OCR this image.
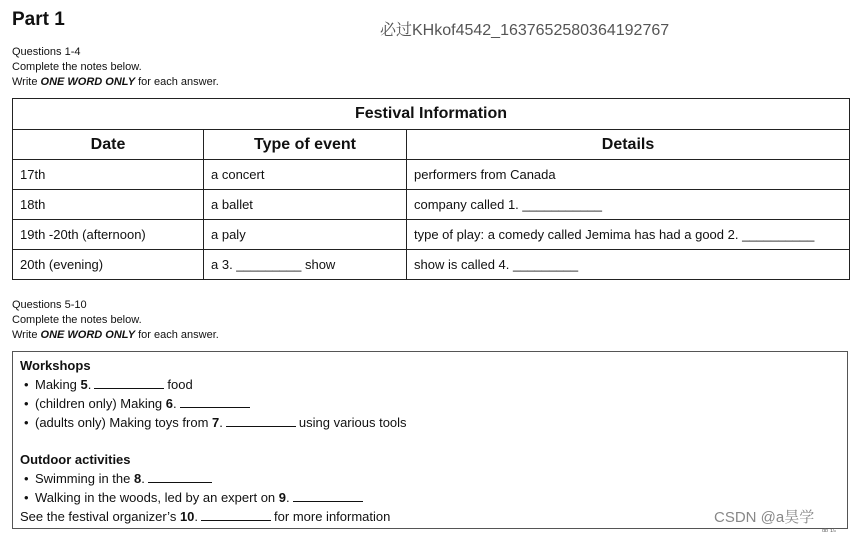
Part 1
必过KHkof4542_1637652580364192767
Questions 1-4
Complete the notes below.
Write ONE WORD ONLY for each answer.
Festival Information		
Date	Type of event	Details
17th	a concert	performers from Canada
18th	a ballet	company called 1. ___________
19th -20th (afternoon)	a paly	type of play: a comedy called Jemima has had a good 2. __________
20th (evening)	a 3. _________ show	show is called 4. _________
Questions 5-10
Complete the notes below.
Write ONE WORD ONLY for each answer.
Workshops
• Making 5.	food
• (children only) Making 6.
• (adults only) Making toys from 7.	using various tools
Outdoor activities
• Swimming in the 8.
• Walking in the woods, led by an expert on 9.
See the festival organizer’s 10.	for more information	CSDN @a昊学
ᵈᵇ ¹⁵
